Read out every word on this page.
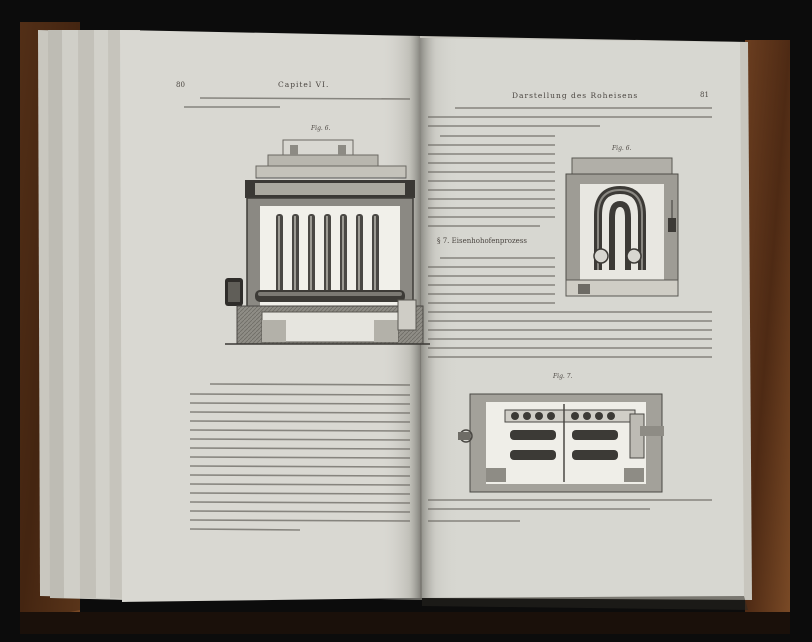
80	Capitel VI.

Fig. 6.

Darstellung des Roheisens	81

Fig. 6.

§ 7. Eisenhohofenprozess

Fig. 7.
